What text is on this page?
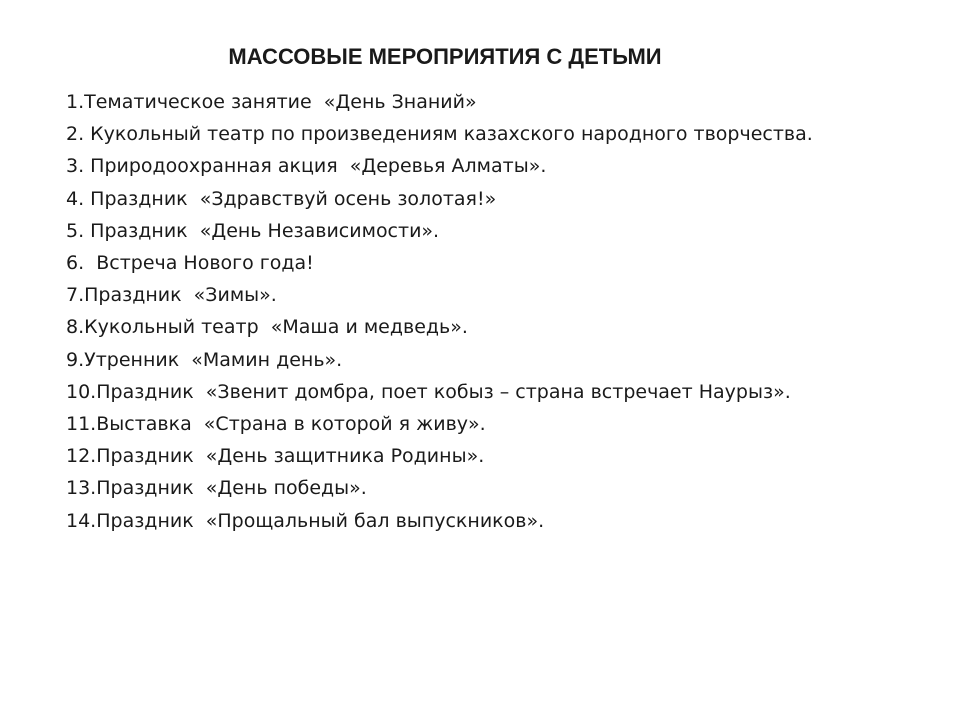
МАССОВЫЕ МЕРОПРИЯТИЯ С ДЕТЬМИ
1.Тематическое занятие  «День Знаний»
2. Кукольный театр по произведениям казахского народного творчества.
3. Природоохранная акция  «Деревья Алматы».
4. Праздник  «Здравствуй осень золотая!»
5. Праздник  «День Независимости».
6.  Встреча Нового года!
7.Праздник  «Зимы».
8.Кукольный театр  «Маша и медведь».
9.Утренник  «Мамин день».
10.Праздник  «Звенит домбра, поет кобыз – страна встречает Наурыз».
11.Выставка  «Страна в которой я живу».
12.Праздник  «День защитника Родины».
13.Праздник  «День победы».
14.Праздник  «Прощальный бал выпускников».
